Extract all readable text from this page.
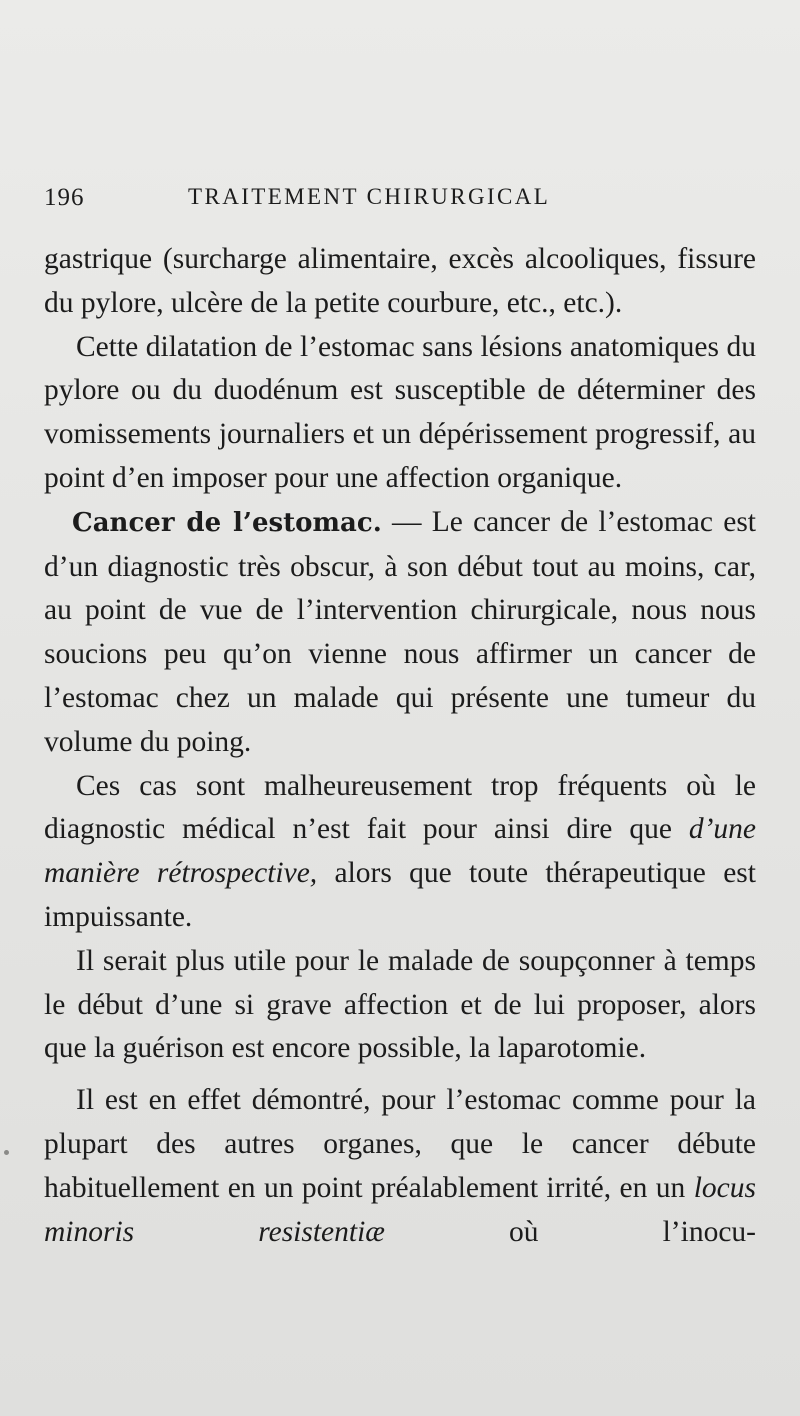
196	TRAITEMENT CHIRURGICAL

gastrique (surcharge alimentaire, excès alcooliques, fissure du pylore, ulcère de la petite courbure, etc., etc.).

Cette dilatation de l’estomac sans lésions anatomiques du pylore ou du duodénum est susceptible de déterminer des vomissements journaliers et un dépérissement progressif, au point d’en imposer pour une affection organique.

Cancer de l’estomac. — Le cancer de l’estomac est d’un diagnostic très obscur, à son début tout au moins, car, au point de vue de l’intervention chirurgicale, nous nous soucions peu qu’on vienne nous affirmer un cancer de l’estomac chez un malade qui présente une tumeur du volume du poing.

Ces cas sont malheureusement trop fréquents où le diagnostic médical n’est fait pour ainsi dire que d’une manière rétrospective, alors que toute thérapeutique est impuissante.

Il serait plus utile pour le malade de soupçonner à temps le début d’une si grave affection et de lui proposer, alors que la guérison est encore possible, la laparotomie.

Il est en effet démontré, pour l’estomac comme pour la plupart des autres organes, que le cancer débute habituellement en un point préalablement irrité, en un locus minoris resistentiæ où l’inocu-
